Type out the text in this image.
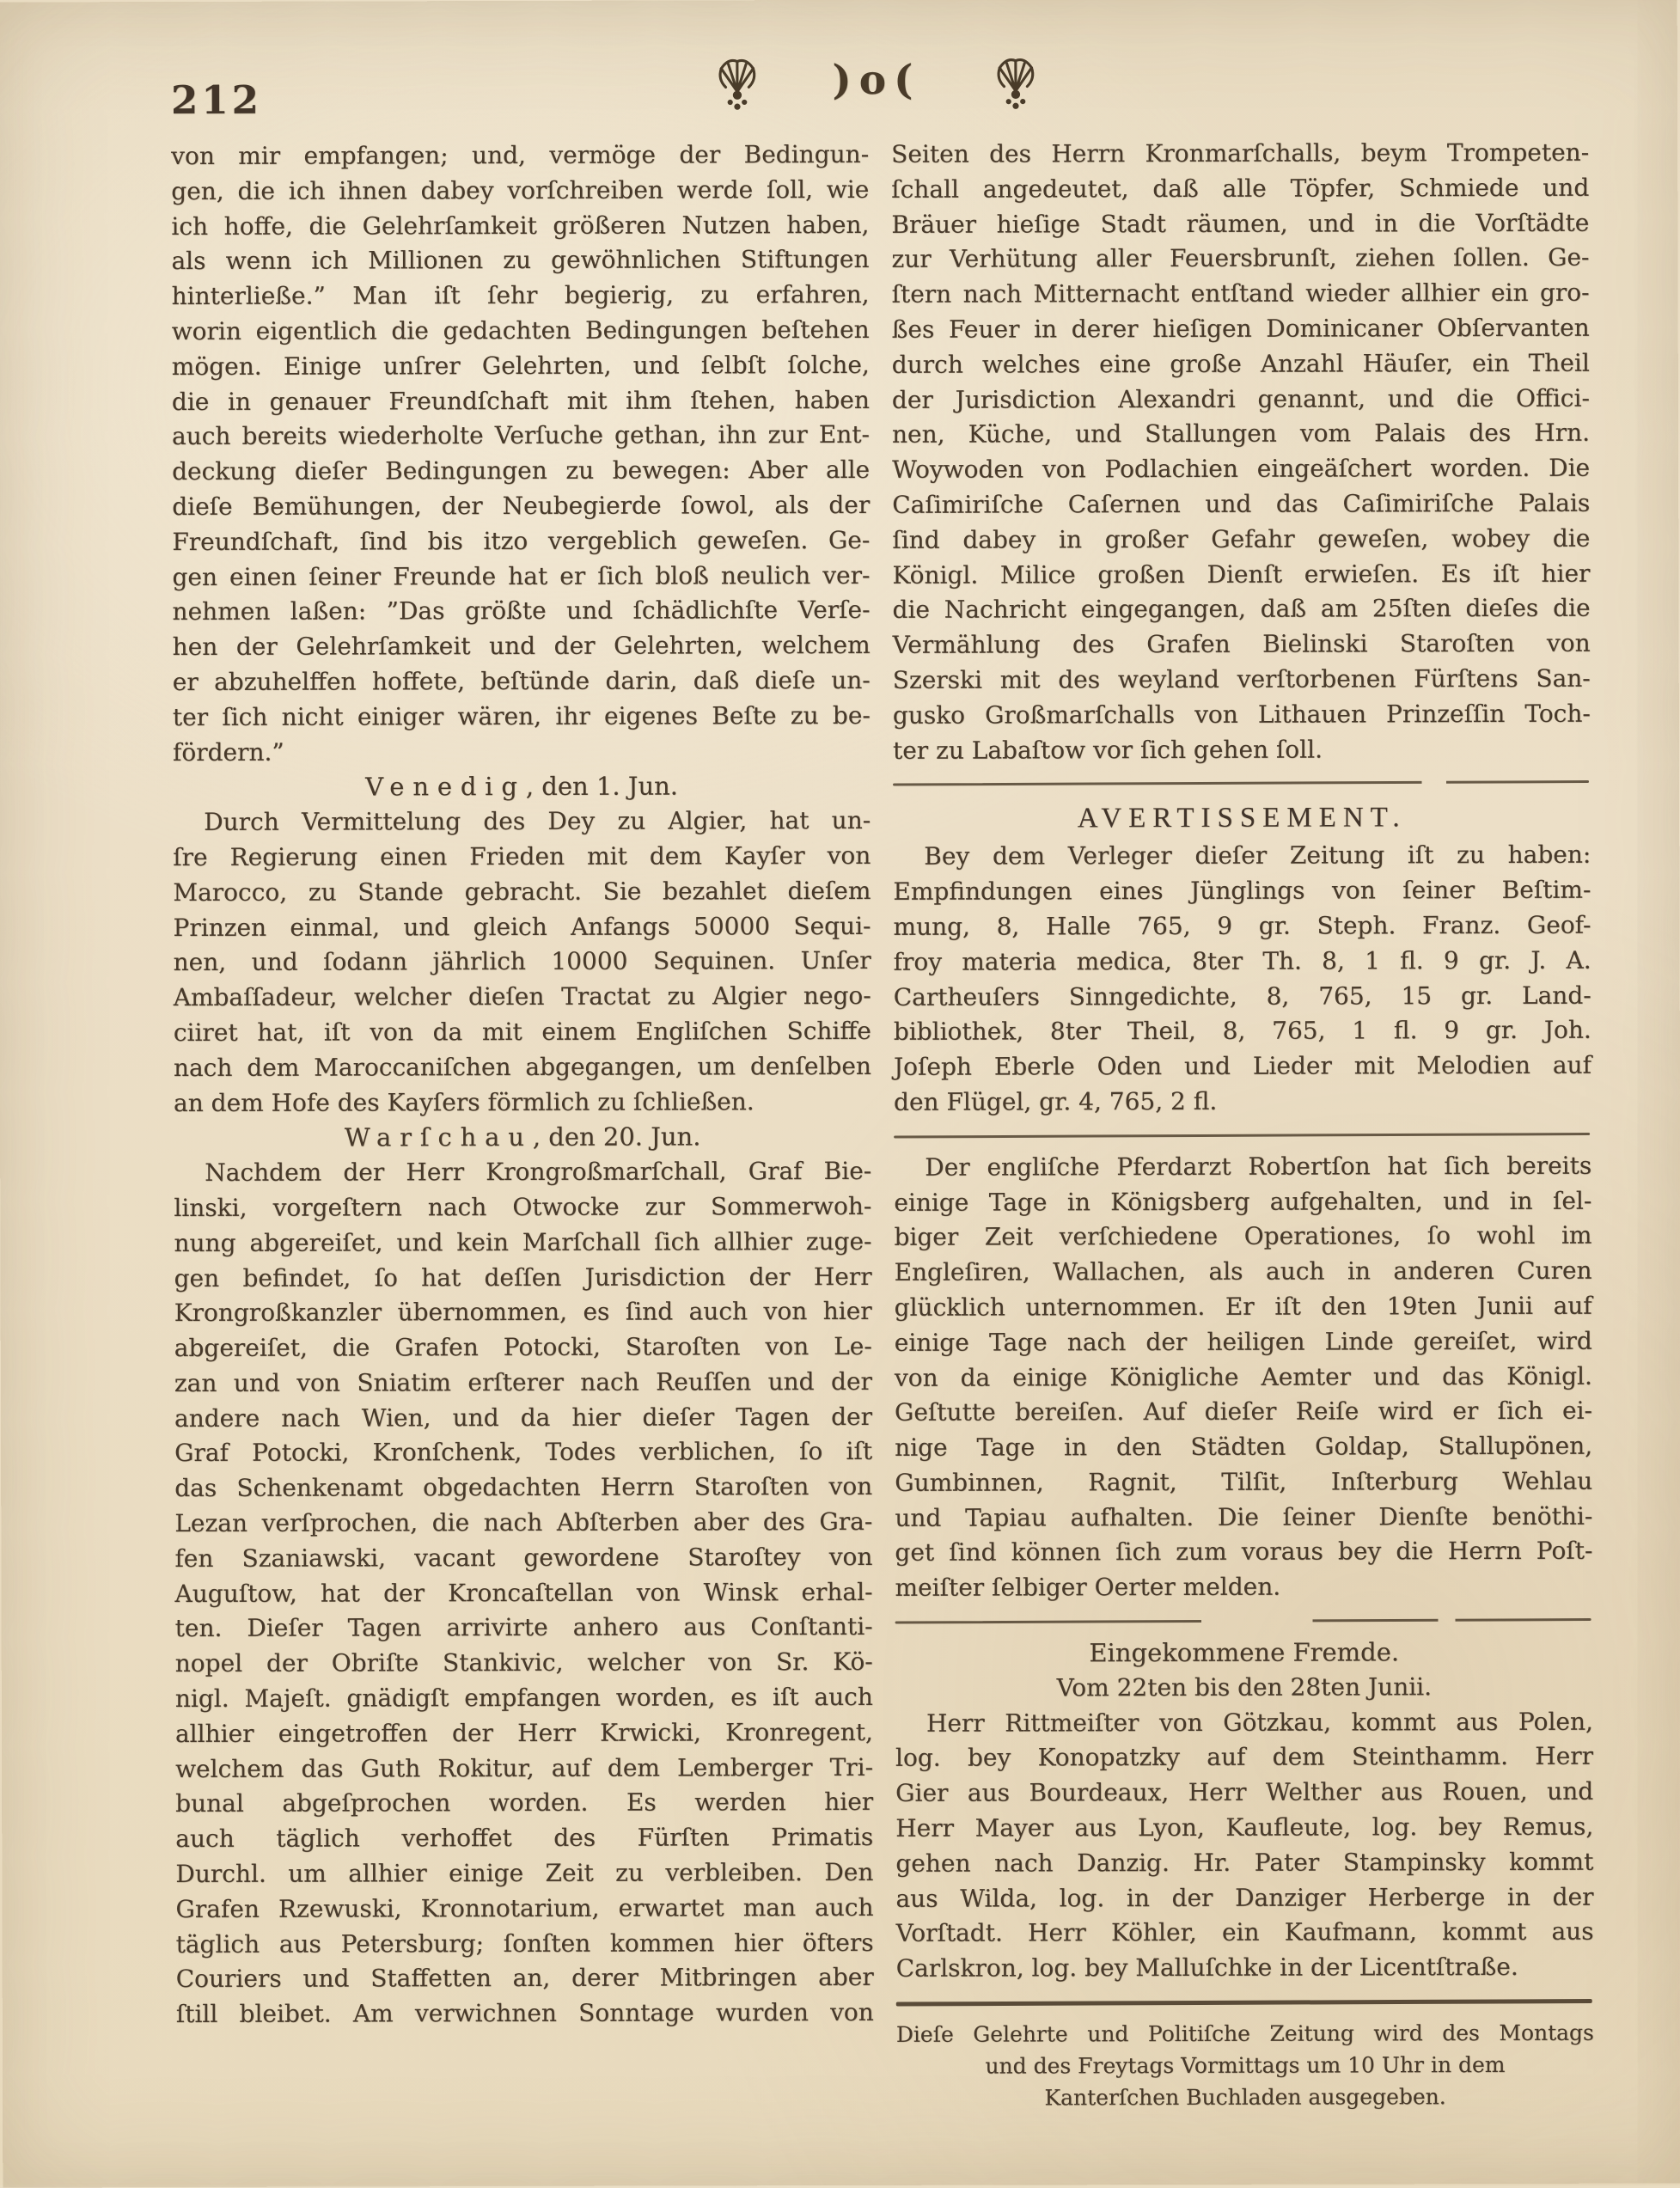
212	)o(
von mir empfangen; und, vermöge der Bedingun-
gen, die ich ihnen dabey vorſchreiben werde ſoll, wie
ich hoffe, die Gelehrſamkeit größeren Nutzen haben,
als wenn ich Millionen zu gewöhnlichen Stiftungen
hinterließe.” Man iſt ſehr begierig, zu erfahren,
worin eigentlich die gedachten Bedingungen beſtehen
mögen. Einige unſrer Gelehrten, und ſelbſt ſolche,
die in genauer Freundſchaft mit ihm ſtehen, haben
auch bereits wiederholte Verſuche gethan, ihn zur Ent-
deckung dieſer Bedingungen zu bewegen: Aber alle
dieſe Bemühungen, der Neubegierde ſowol, als der
Freundſchaft, ſind bis itzo vergeblich geweſen. Ge-
gen einen ſeiner Freunde hat er ſich bloß neulich ver-
nehmen laßen: ”Das größte und ſchädlichſte Verſe-
hen der Gelehrſamkeit und der Gelehrten, welchem
er abzuhelffen hoffete, beſtünde darin, daß dieſe un-
ter ſich nicht einiger wären, ihr eigenes Beſte zu be-
fördern.”
Venedig, den 1. Jun.
Durch Vermittelung des Dey zu Algier, hat un-
ſre Regierung einen Frieden mit dem Kayſer von
Marocco, zu Stande gebracht. Sie bezahlet dieſem
Prinzen einmal, und gleich Anfangs 50000 Sequi-
nen, und ſodann jährlich 10000 Sequinen. Unſer
Ambaſſadeur, welcher dieſen Tractat zu Algier nego-
ciiret hat, iſt von da mit einem Engliſchen Schiffe
nach dem Maroccaniſchen abgegangen, um denſelben
an dem Hofe des Kayſers förmlich zu ſchließen.
Warſchau, den 20. Jun.
Nachdem der Herr Krongroßmarſchall, Graf Bie-
linski, vorgeſtern nach Otwocke zur Sommerwoh-
nung abgereiſet, und kein Marſchall ſich allhier zuge-
gen befindet, ſo hat deſſen Jurisdiction der Herr
Krongroßkanzler übernommen, es ſind auch von hier
abgereiſet, die Grafen Potocki, Staroſten von Le-
zan und von Sniatim erſterer nach Reuſſen und der
andere nach Wien, und da hier dieſer Tagen der
Graf Potocki, Kronſchenk, Todes verblichen, ſo iſt
das Schenkenamt obgedachten Herrn Staroſten von
Lezan verſprochen, die nach Abſterben aber des Gra-
fen Szaniawski, vacant gewordene Staroſtey von
Auguſtow, hat der Kroncaſtellan von Winsk erhal-
ten. Dieſer Tagen arrivirte anhero aus Conſtanti-
nopel der Obriſte Stankivic, welcher von Sr. Kö-
nigl. Majeſt. gnädigſt empfangen worden, es iſt auch
allhier eingetroffen der Herr Krwicki, Kronregent,
welchem das Guth Rokitur, auf dem Lemberger Tri-
bunal abgeſprochen worden. Es werden hier
auch täglich verhoffet des Fürſten Primatis
Durchl. um allhier einige Zeit zu verbleiben. Den
Grafen Rzewuski, Kronnotarium, erwartet man auch
täglich aus Petersburg; ſonſten kommen hier öfters
Couriers und Staffetten an, derer Mitbringen aber
ſtill bleibet. Am verwichnen Sonntage wurden von
Seiten des Herrn Kronmarſchalls, beym Trompeten-
ſchall angedeutet, daß alle Töpfer, Schmiede und
Bräuer hieſige Stadt räumen, und in die Vorſtädte
zur Verhütung aller Feuersbrunſt, ziehen ſollen. Ge-
ſtern nach Mitternacht entſtand wieder allhier ein gro-
ßes Feuer in derer hieſigen Dominicaner Obſervanten
durch welches eine große Anzahl Häuſer, ein Theil
der Jurisdiction Alexandri genannt, und die Offici-
nen, Küche, und Stallungen vom Palais des Hrn.
Woywoden von Podlachien eingeäſchert worden. Die
Caſimiriſche Caſernen und das Caſimiriſche Palais
ſind dabey in großer Gefahr geweſen, wobey die
Königl. Milice großen Dienſt erwieſen. Es iſt hier
die Nachricht eingegangen, daß am 25ſten dieſes die
Vermählung des Grafen Bielinski Staroſten von
Szerski mit des weyland verſtorbenen Fürſtens San-
gusko Großmarſchalls von Lithauen Prinzeſſin Toch-
ter zu Labaſtow vor ſich gehen ſoll.
AVERTISSEMENT.
Bey dem Verleger dieſer Zeitung iſt zu haben:
Empfindungen eines Jünglings von ſeiner Beſtim-
mung, 8, Halle 765, 9 gr. Steph. Franz. Geof-
froy materia medica, 8ter Th. 8, 1 fl. 9 gr. J. A.
Cartheuſers Sinngedichte, 8, 765, 15 gr. Land-
bibliothek, 8ter Theil, 8, 765, 1 fl. 9 gr. Joh.
Joſeph Eberle Oden und Lieder mit Melodien auf
den Flügel, gr. 4, 765, 2 fl.
Der engliſche Pferdarzt Robertſon hat ſich bereits
einige Tage in Königsberg aufgehalten, und in ſel-
biger Zeit verſchiedene Operationes, ſo wohl im
Engleſiren, Wallachen, als auch in anderen Curen
glücklich unternommen. Er iſt den 19ten Junii auf
einige Tage nach der heiligen Linde gereiſet, wird
von da einige Königliche Aemter und das Königl.
Geſtutte bereiſen. Auf dieſer Reiſe wird er ſich ei-
nige Tage in den Städten Goldap, Stallupönen,
Gumbinnen, Ragnit, Tilſit, Inſterburg Wehlau
und Tapiau aufhalten. Die ſeiner Dienſte benöthi-
get ſind können ſich zum voraus bey die Herrn Poſt-
meiſter ſelbiger Oerter melden.
Eingekommene Fremde.
Vom 22ten bis den 28ten Junii.
Herr Rittmeiſter von Götzkau, kommt aus Polen,
log. bey Konopatzky auf dem Steinthamm. Herr
Gier aus Bourdeaux, Herr Welther aus Rouen, und
Herr Mayer aus Lyon, Kaufleute, log. bey Remus,
gehen nach Danzig. Hr. Pater Stampinsky kommt
aus Wilda, log. in der Danziger Herberge in der
Vorſtadt. Herr Köhler, ein Kaufmann, kommt aus
Carlskron, log. bey Malluſchke in der Licentſtraße.
Dieſe Gelehrte und Politiſche Zeitung wird des Montags
und des Freytags Vormittags um 10 Uhr in dem
Kanterſchen Buchladen ausgegeben.
